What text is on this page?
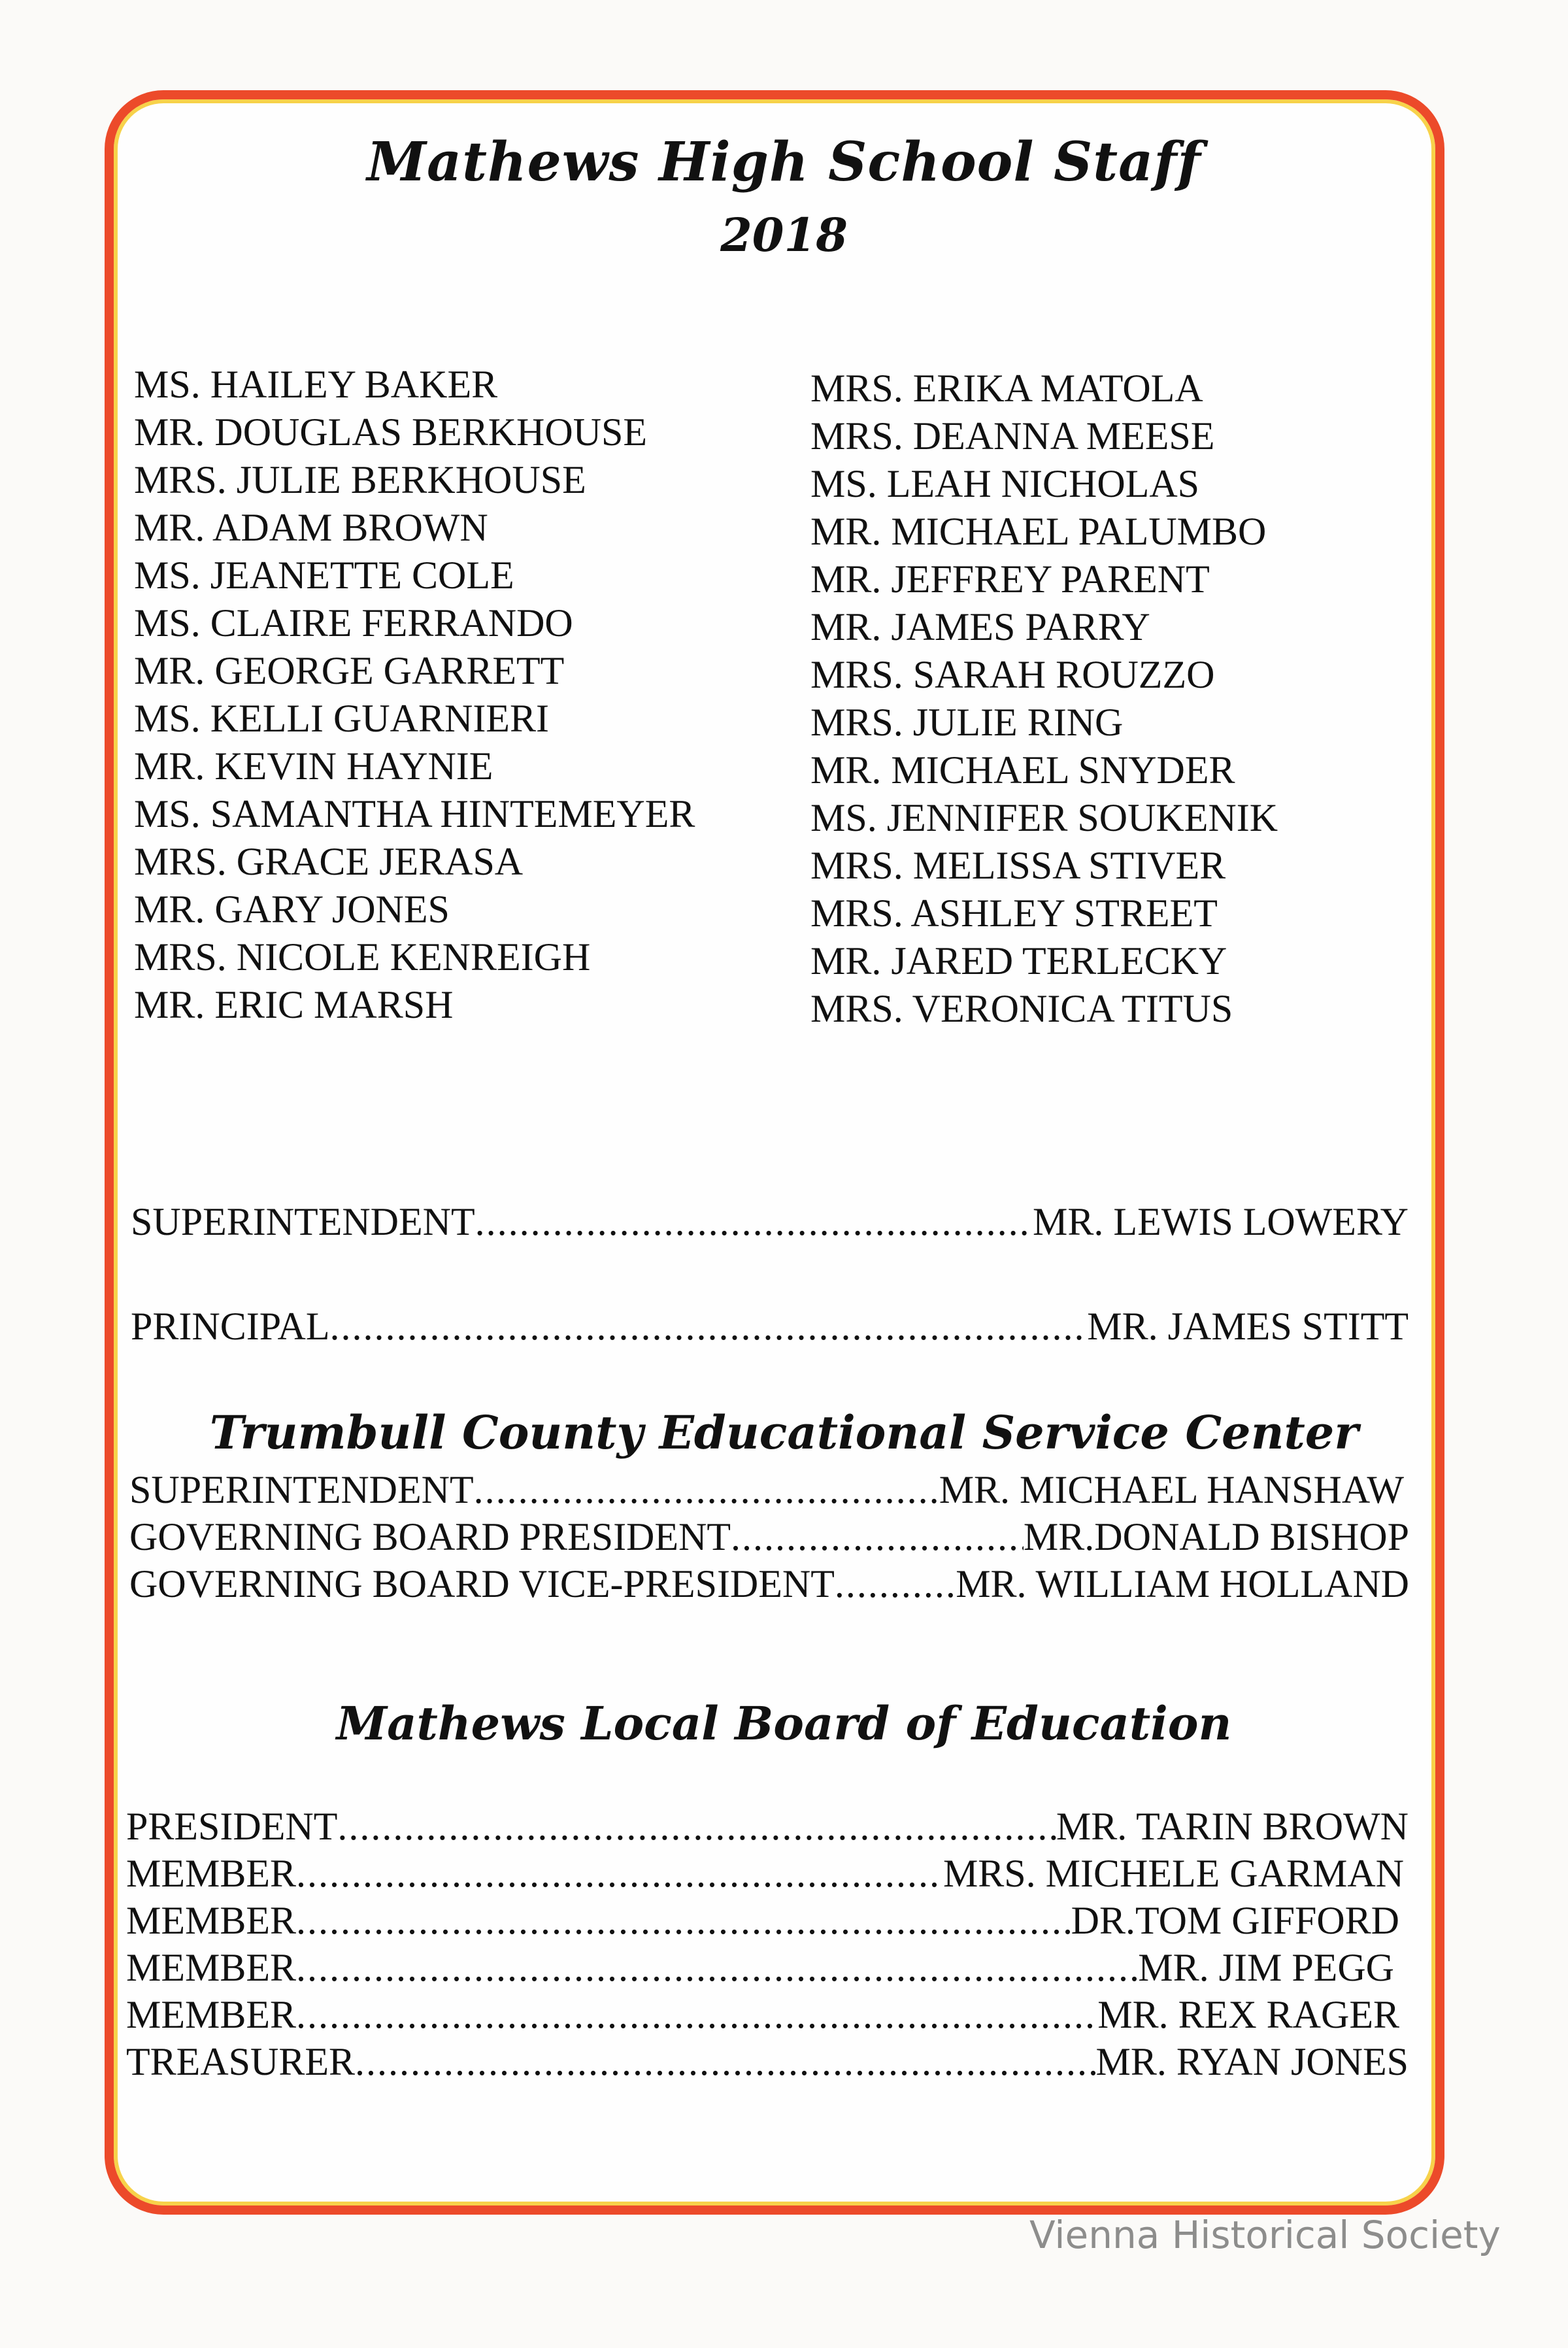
Mathews High School Staff
2018
MS. HAILEY BAKER
MR. DOUGLAS BERKHOUSE
MRS. JULIE BERKHOUSE
MR. ADAM BROWN
MS. JEANETTE COLE
MS. CLAIRE FERRANDO
MR. GEORGE GARRETT
MS. KELLI GUARNIERI
MR. KEVIN HAYNIE
MS. SAMANTHA HINTEMEYER
MRS. GRACE JERASA
MR. GARY JONES
MRS. NICOLE KENREIGH
MR. ERIC MARSH
MRS. ERIKA MATOLA
MRS. DEANNA MEESE
MS. LEAH NICHOLAS
MR. MICHAEL PALUMBO
MR. JEFFREY PARENT
MR. JAMES PARRY
MRS. SARAH ROUZZO
MRS. JULIE RING
MR. MICHAEL SNYDER
MS. JENNIFER SOUKENIK
MRS. MELISSA STIVER
MRS. ASHLEY STREET
MR. JARED TERLECKY
MRS. VERONICA TITUS
SUPERINTENDENT .....	MR. LEWIS LOWERY
PRINCIPAL .....	MR. JAMES STITT
Trumbull County Educational Service Center
SUPERINTENDENT .....	MR. MICHAEL HANSHAW
GOVERNING BOARD PRESIDENT .....	MR.DONALD BISHOP
GOVERNING BOARD VICE-PRESIDENT .....	MR. WILLIAM HOLLAND
Mathews Local Board of Education
PRESIDENT .....	MR. TARIN BROWN
MEMBER .....	MRS. MICHELE GARMAN
MEMBER .....	DR.TOM GIFFORD
MEMBER .....	MR. JIM PEGG
MEMBER .....	MR. REX RAGER
TREASURER .....	MR. RYAN JONES
Vienna Historical Society
